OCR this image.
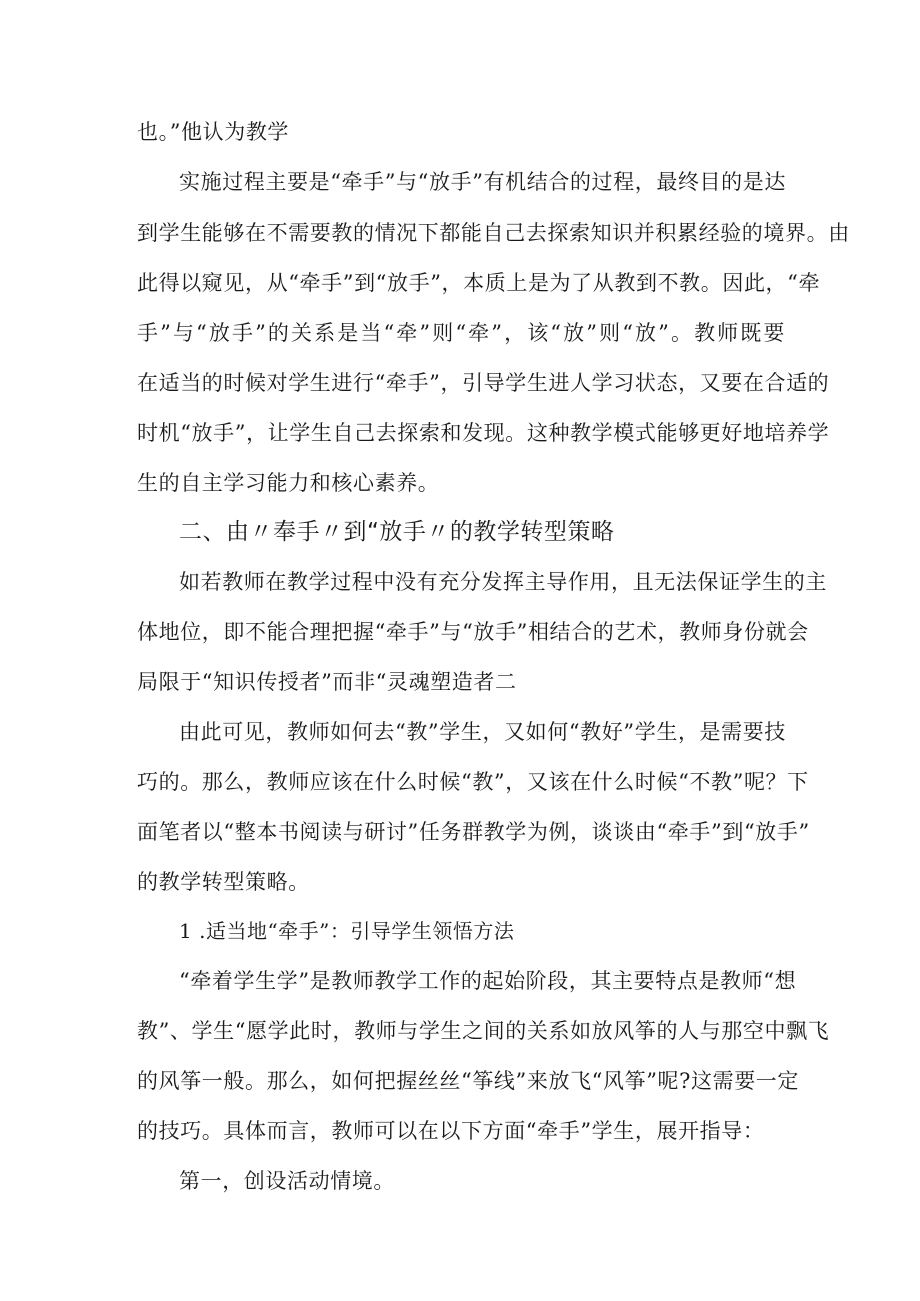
也。”他认为教学
实施过程主要是“牵手”与“放手”有机结合的过程，最终目的是达
到学生能够在不需要教的情况下都能自己去探索知识并积累经验的境界。由
此得以窥见，从“牵手”到“放手”，本质上是为了从教到不教。因此，“牵
手”与“放手”的关系是当“牵”则“牵”，该“放”则“放”。教师既要
在适当的时候对学生进行“牵手”，引导学生进人学习状态，又要在合适的
时机“放手”，让学生自己去探索和发现。这种教学模式能够更好地培养学
生的自主学习能力和核心素养。
二、由〃奉手〃到“放手〃的教学转型策略
如若教师在教学过程中没有充分发挥主导作用，且无法保证学生的主
体地位，即不能合理把握“牵手”与“放手”相结合的艺术，教师身份就会
局限于“知识传授者”而非“灵魂塑造者二
由此可见，教师如何去“教”学生，又如何“教好”学生，是需要技
巧的。那么，教师应该在什么时候“教”，又该在什么时候“不教”呢？下
面笔者以“整本书阅读与研讨”任务群教学为例，谈谈由“牵手”到“放手”
的教学转型策略。
1 .适当地“牵手”：引导学生领悟方法
“牵着学生学”是教师教学工作的起始阶段，其主要特点是教师“想
教”、学生“愿学此时，教师与学生之间的关系如放风筝的人与那空中飘飞
的风筝一般。那么，如何把握丝丝“筝线”来放飞“风筝”呢?这需要一定
的技巧。具体而言，教师可以在以下方面“牵手”学生，展开指导：
第一，创设活动情境。
